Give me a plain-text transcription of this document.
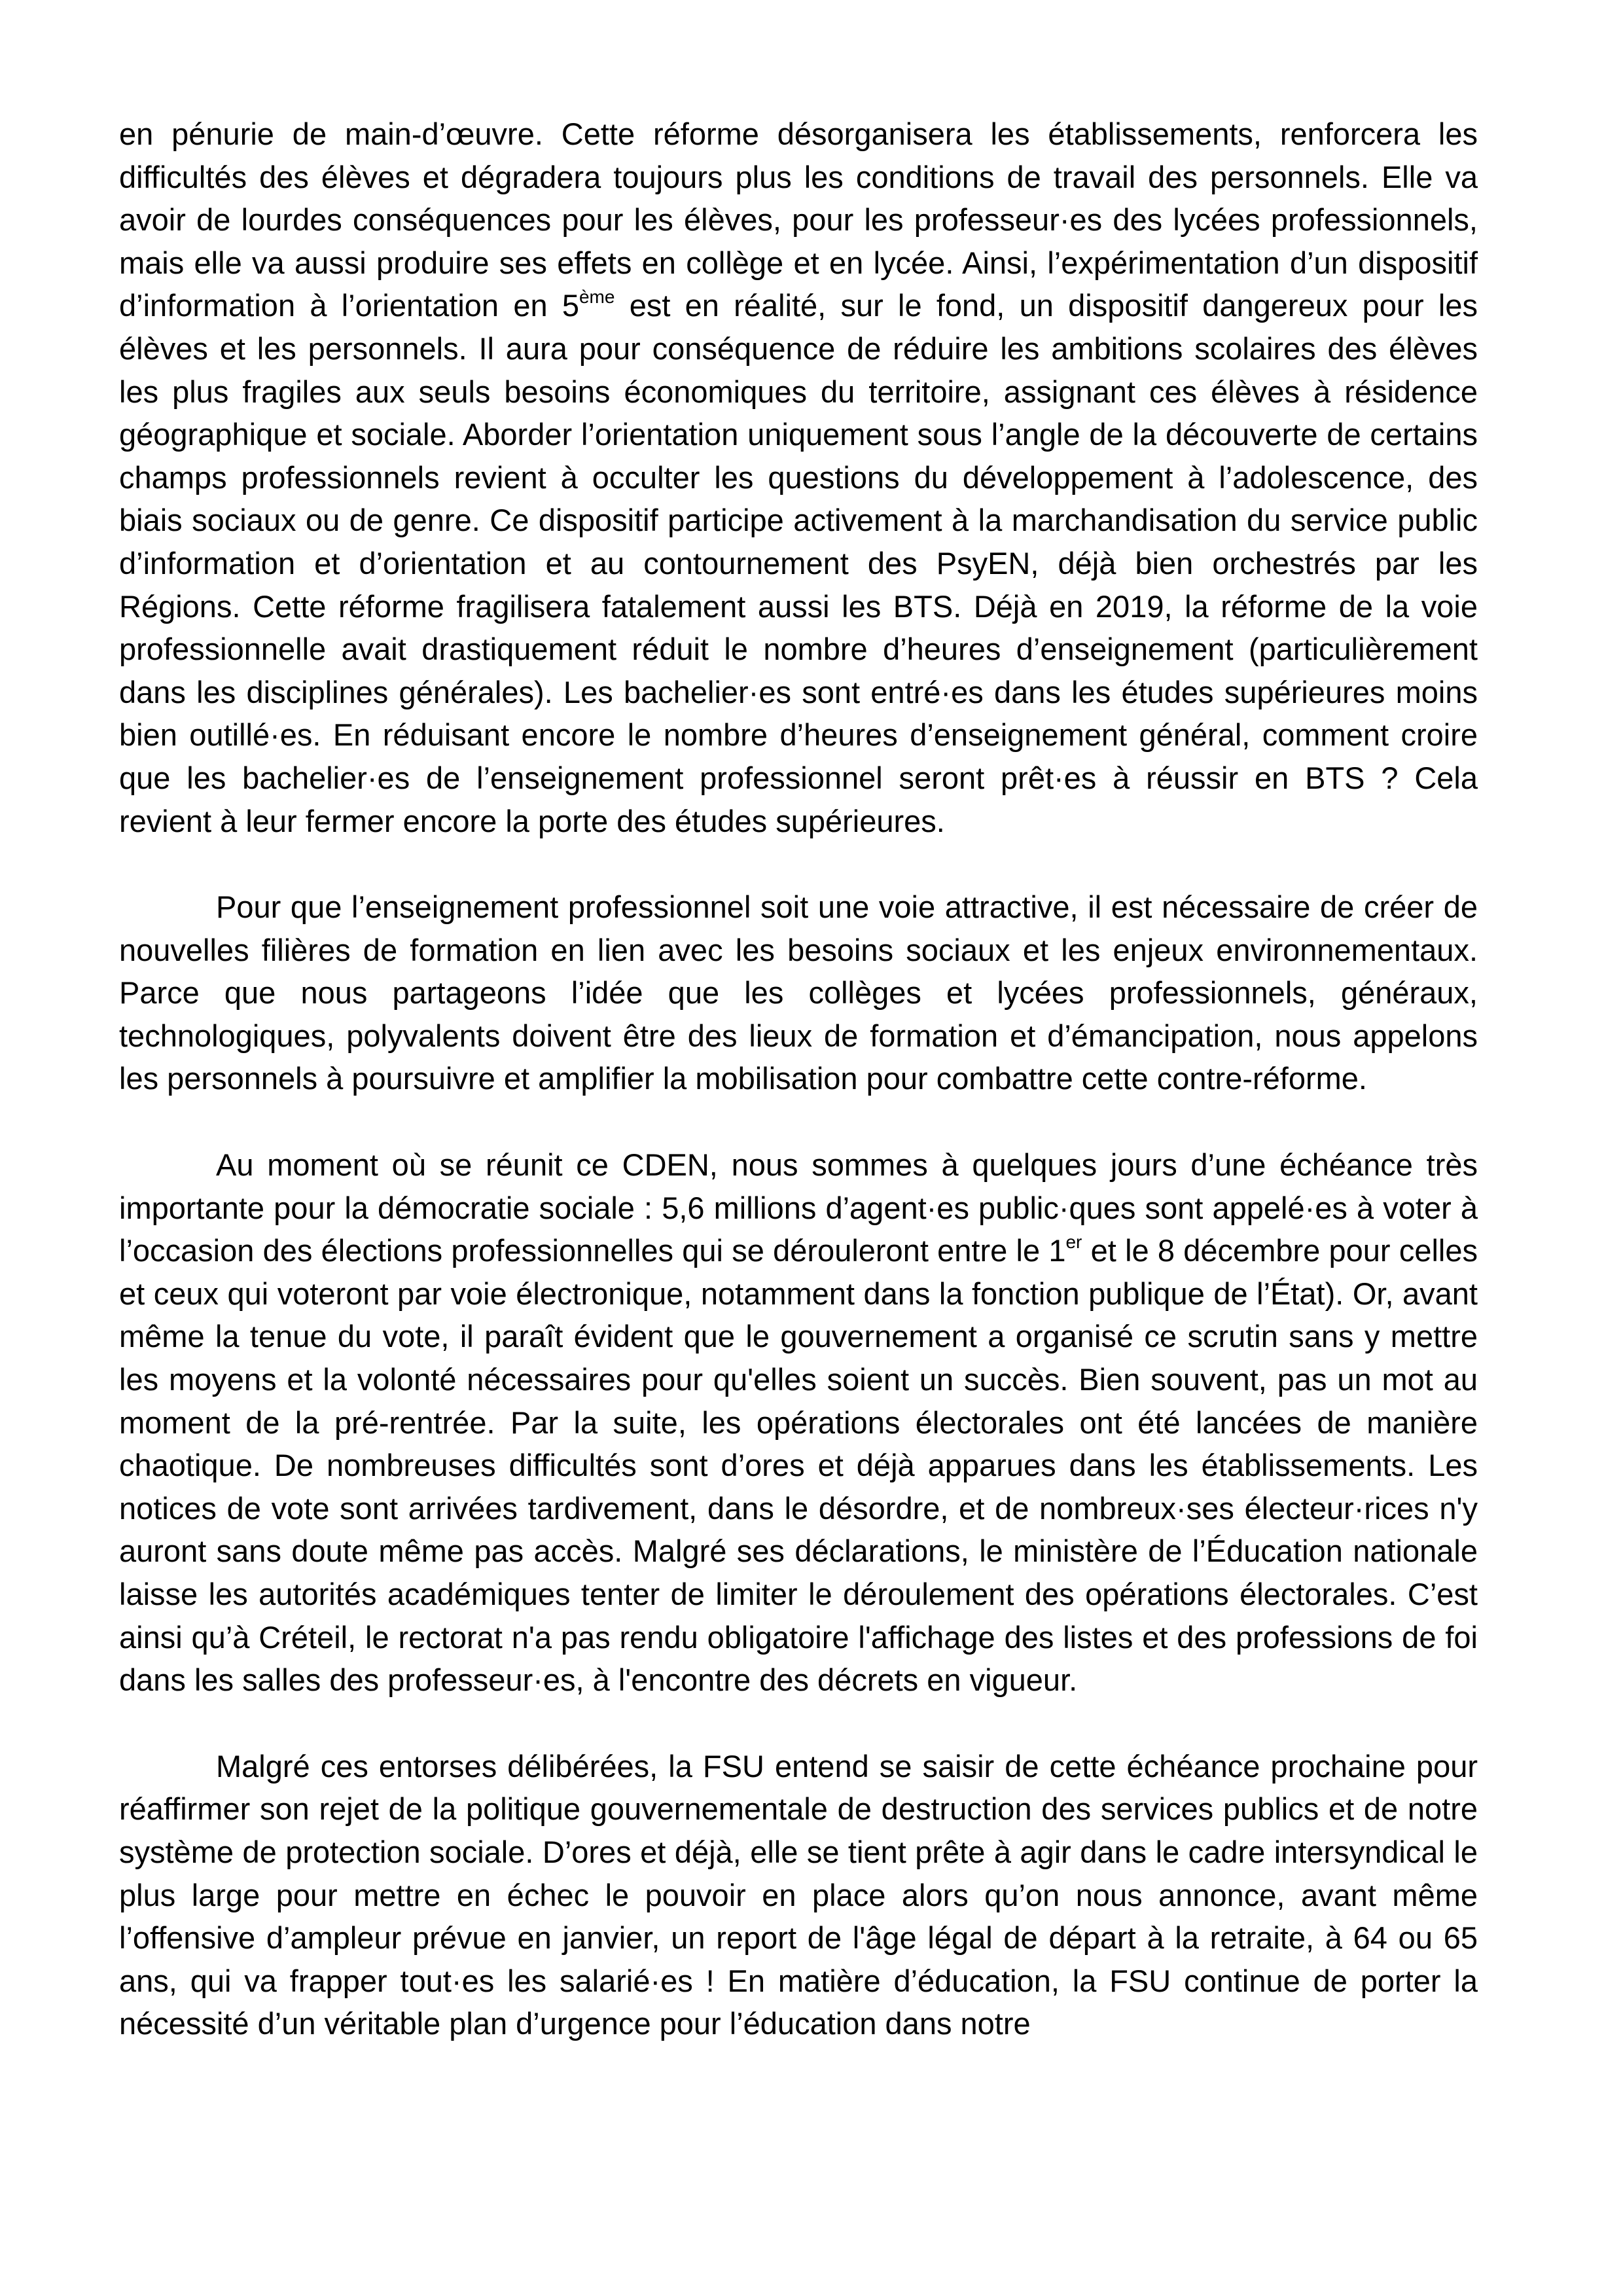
en pénurie de main-d’œuvre. Cette réforme désorganisera les établissements, renforcera les difficultés des élèves et dégradera toujours plus les conditions de travail des personnels. Elle va avoir de lourdes conséquences pour les élèves, pour les professeur·es des lycées professionnels, mais elle va aussi produire ses effets en collège et en lycée. Ainsi, l’expérimentation d’un dispositif d’information à l’orientation en 5ème est en réalité, sur le fond, un dispositif dangereux pour les élèves et les personnels. Il aura pour conséquence de réduire les ambitions scolaires des élèves les plus fragiles aux seuls besoins économiques du territoire, assignant ces élèves à résidence géographique et sociale. Aborder l’orientation uniquement sous l’angle de la découverte de certains champs professionnels revient à occulter les questions du développement à l’adolescence, des biais sociaux ou de genre. Ce dispositif participe activement à la marchandisation du service public d’information et d’orientation et au contournement des PsyEN, déjà bien orchestrés par les Régions. Cette réforme fragilisera fatalement aussi les BTS. Déjà en 2019, la réforme de la voie professionnelle avait drastiquement réduit le nombre d’heures d’enseignement (particulièrement dans les disciplines générales). Les bachelier·es sont entré·es dans les études supérieures moins bien outillé·es. En réduisant encore le nombre d’heures d’enseignement général, comment croire que les bachelier·es de l’enseignement professionnel seront prêt·es à réussir en BTS ? Cela revient à leur fermer encore la porte des études supérieures.

Pour que l’enseignement professionnel soit une voie attractive, il est nécessaire de créer de nouvelles filières de formation en lien avec les besoins sociaux et les enjeux environnementaux. Parce que nous partageons l’idée que les collèges et lycées professionnels, généraux, technologiques, polyvalents doivent être des lieux de formation et d’émancipation, nous appelons les personnels à poursuivre et amplifier la mobilisation pour combattre cette contre-réforme.

Au moment où se réunit ce CDEN, nous sommes à quelques jours d’une échéance très importante pour la démocratie sociale : 5,6 millions d’agent·es public·ques sont appelé·es à voter à l’occasion des élections professionnelles qui se dérouleront entre le 1er et le 8 décembre pour celles et ceux qui voteront par voie électronique, notamment dans la fonction publique de l’État). Or, avant même la tenue du vote, il paraît évident que le gouvernement a organisé ce scrutin sans y mettre les moyens et la volonté nécessaires pour qu'elles soient un succès. Bien souvent, pas un mot au moment de la pré-rentrée. Par la suite, les opérations électorales ont été lancées de manière chaotique. De nombreuses difficultés sont d’ores et déjà apparues dans les établissements. Les notices de vote sont arrivées tardivement, dans le désordre, et de nombreux·ses électeur·rices n'y auront sans doute même pas accès. Malgré ses déclarations, le ministère de l’Éducation nationale laisse les autorités académiques tenter de limiter le déroulement des opérations électorales. C’est ainsi qu’à Créteil, le rectorat n'a pas rendu obligatoire l'affichage des listes et des professions de foi dans les salles des professeur·es, à l'encontre des décrets en vigueur.

Malgré ces entorses délibérées, la FSU entend se saisir de cette échéance prochaine pour réaffirmer son rejet de la politique gouvernementale de destruction des services publics et de notre système de protection sociale. D’ores et déjà, elle se tient prête à agir dans le cadre intersyndical le plus large pour mettre en échec le pouvoir en place alors qu’on nous annonce, avant même l’offensive d’ampleur prévue en janvier, un report de l'âge légal de départ à la retraite, à 64 ou 65 ans, qui va frapper tout·es les salarié·es ! En matière d’éducation, la FSU continue de porter la nécessité d’un véritable plan d’urgence pour l’éducation dans notre
